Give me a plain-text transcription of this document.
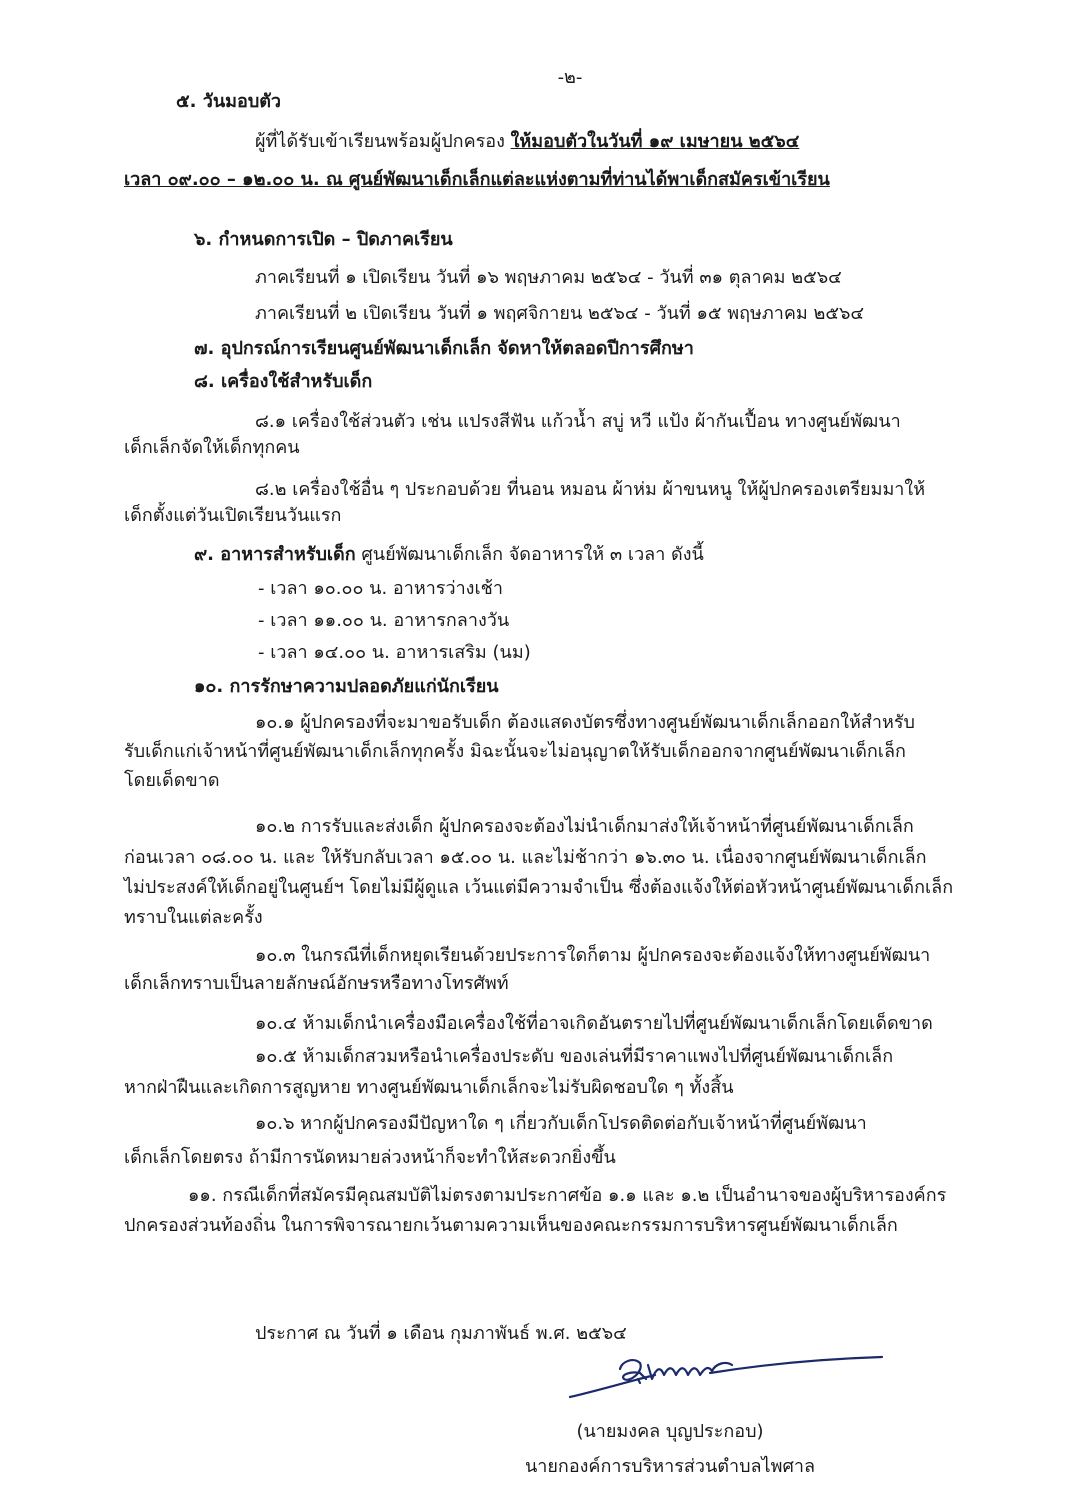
-๒-
๕. วันมอบตัว
ผู้ที่ได้รับเข้าเรียนพร้อมผู้ปกครอง ให้มอบตัวในวันที่ ๑๙ เมษายน ๒๕๖๔
เวลา ๐๙.๐๐ – ๑๒.๐๐ น. ณ ศูนย์พัฒนาเด็กเล็กแต่ละแห่งตามที่ท่านได้พาเด็กสมัครเข้าเรียน
๖. กำหนดการเปิด – ปิดภาคเรียน
ภาคเรียนที่ ๑ เปิดเรียน วันที่ ๑๖ พฤษภาคม ๒๕๖๔ - วันที่ ๓๑ ตุลาคม ๒๕๖๔
ภาคเรียนที่ ๒ เปิดเรียน วันที่ ๑ พฤศจิกายน ๒๕๖๔ - วันที่ ๑๕ พฤษภาคม ๒๕๖๔
๗. อุปกรณ์การเรียนศูนย์พัฒนาเด็กเล็ก จัดหาให้ตลอดปีการศึกษา
๘. เครื่องใช้สำหรับเด็ก
๘.๑ เครื่องใช้ส่วนตัว เช่น แปรงสีฟัน แก้วน้ำ สบู่ หวี แป้ง ผ้ากันเปื้อน ทางศูนย์พัฒนา
เด็กเล็กจัดให้เด็กทุกคน
๘.๒ เครื่องใช้อื่น ๆ ประกอบด้วย ที่นอน หมอน ผ้าห่ม ผ้าขนหนู ให้ผู้ปกครองเตรียมมาให้
เด็กตั้งแต่วันเปิดเรียนวันแรก
๙. อาหารสำหรับเด็ก ศูนย์พัฒนาเด็กเล็ก จัดอาหารให้ ๓ เวลา ดังนี้
- เวลา ๑๐.๐๐ น. อาหารว่างเช้า
- เวลา ๑๑.๐๐ น. อาหารกลางวัน
- เวลา ๑๔.๐๐ น. อาหารเสริม (นม)
๑๐. การรักษาความปลอดภัยแก่นักเรียน
๑๐.๑ ผู้ปกครองที่จะมาขอรับเด็ก ต้องแสดงบัตรซึ่งทางศูนย์พัฒนาเด็กเล็กออกให้สำหรับ
รับเด็กแก่เจ้าหน้าที่ศูนย์พัฒนาเด็กเล็กทุกครั้ง มิฉะนั้นจะไม่อนุญาตให้รับเด็กออกจากศูนย์พัฒนาเด็กเล็ก
โดยเด็ดขาด
๑๐.๒ การรับและส่งเด็ก ผู้ปกครองจะต้องไม่นำเด็กมาส่งให้เจ้าหน้าที่ศูนย์พัฒนาเด็กเล็ก
ก่อนเวลา ๐๘.๐๐ น. และ ให้รับกลับเวลา ๑๕.๐๐ น. และไม่ช้ากว่า ๑๖.๓๐ น. เนื่องจากศูนย์พัฒนาเด็กเล็ก
ไม่ประสงค์ให้เด็กอยู่ในศูนย์ฯ โดยไม่มีผู้ดูแล เว้นแต่มีความจำเป็น ซึ่งต้องแจ้งให้ต่อหัวหน้าศูนย์พัฒนาเด็กเล็ก
ทราบในแต่ละครั้ง
๑๐.๓ ในกรณีที่เด็กหยุดเรียนด้วยประการใดก็ตาม ผู้ปกครองจะต้องแจ้งให้ทางศูนย์พัฒนา
เด็กเล็กทราบเป็นลายลักษณ์อักษรหรือทางโทรศัพท์
๑๐.๔ ห้ามเด็กนำเครื่องมือเครื่องใช้ที่อาจเกิดอันตรายไปที่ศูนย์พัฒนาเด็กเล็กโดยเด็ดขาด
๑๐.๕ ห้ามเด็กสวมหรือนำเครื่องประดับ ของเล่นที่มีราคาแพงไปที่ศูนย์พัฒนาเด็กเล็ก
หากฝ่าฝืนและเกิดการสูญหาย ทางศูนย์พัฒนาเด็กเล็กจะไม่รับผิดชอบใด ๆ ทั้งสิ้น
๑๐.๖ หากผู้ปกครองมีปัญหาใด ๆ เกี่ยวกับเด็กโปรดติดต่อกับเจ้าหน้าที่ศูนย์พัฒนา
เด็กเล็กโดยตรง ถ้ามีการนัดหมายล่วงหน้าก็จะทำให้สะดวกยิ่งขึ้น
๑๑. กรณีเด็กที่สมัครมีคุณสมบัติไม่ตรงตามประกาศข้อ ๑.๑ และ ๑.๒ เป็นอำนาจของผู้บริหารองค์กร
ปกครองส่วนท้องถิ่น ในการพิจารณายกเว้นตามความเห็นของคณะกรรมการบริหารศูนย์พัฒนาเด็กเล็ก
ประกาศ ณ วันที่ ๑ เดือน กุมภาพันธ์ พ.ศ. ๒๕๖๔
(นายมงคล บุญประกอบ)
นายกองค์การบริหารส่วนตำบลไพศาล
